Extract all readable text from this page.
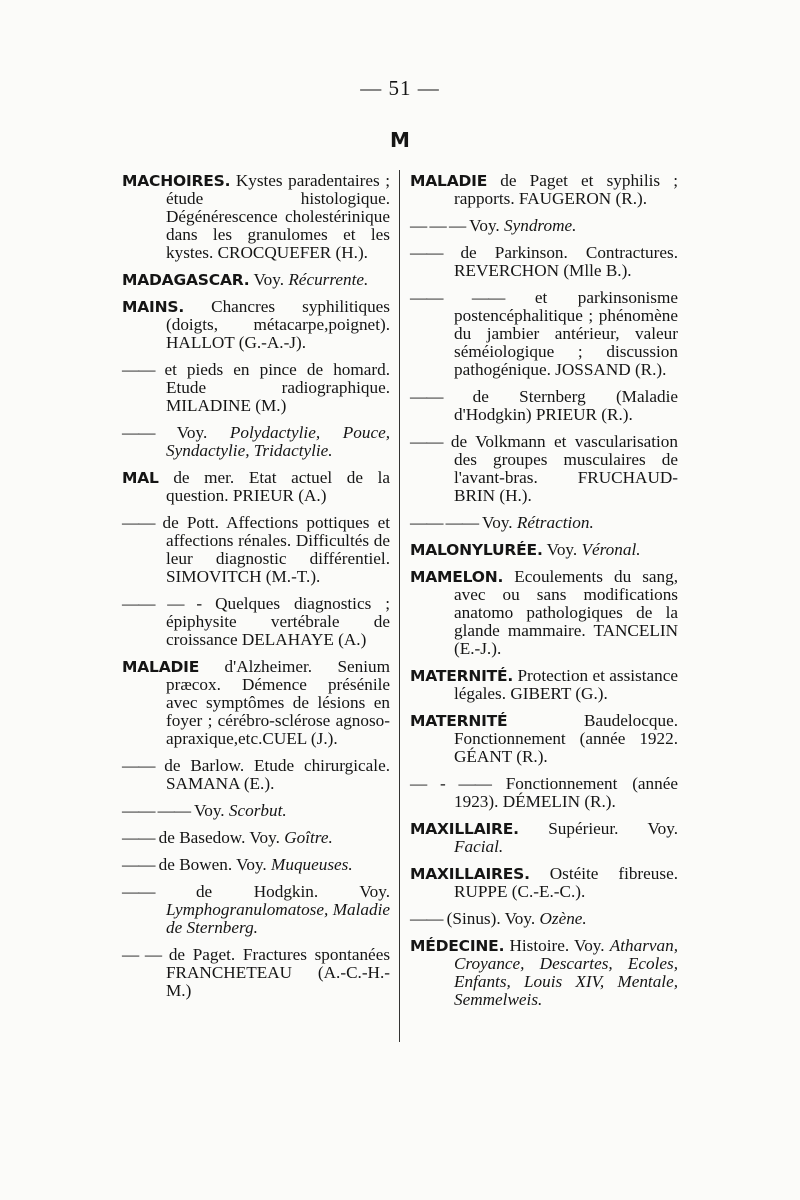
— 51 —
M
MACHOIRES. Kystes paradentaires ; étude histologique. Dégénérescence cholestérinique dans les granulomes et les kystes. CROCQUEFER (H.).
MADAGASCAR. Voy. Récurrente.
MAINS. Chancres syphilitiques (doigts, métacarpe,poignet). HALLOT (G.-A.-J).
—— et pieds en pince de homard. Etude radiographique. MILADINE (M.)
—— Voy. Polydactylie, Pouce, Syndactylie, Tridactylie.
MAL de mer. Etat actuel de la question. PRIEUR (A.)
—— de Pott. Affections pottiques et affections rénales. Difficultés de leur diagnostic différentiel. SIMOVITCH (M.-T.).
—— — - Quelques diagnostics ; épiphysite vertébrale de croissance DELAHAYE (A.)
MALADIE d'Alzheimer. Senium præcox. Démence présénile avec symptômes de lésions en foyer ; cérébro-sclérose agnoso-apraxique,etc.CUEL (J.).
—— de Barlow. Etude chirurgicale. SAMANA (E.).
—— —— Voy. Scorbut.
—— de Basedow. Voy. Goître.
—— de Bowen. Voy. Muqueuses.
—— de Hodgkin. Voy. Lymphogranulomatose, Maladie de Sternberg.
— — de Paget. Fractures spontanées FRANCHETEAU (A.-C.-H.-M.)
MALADIE de Paget et syphilis ; rapports. FAUGERON (R.).
— — — Voy. Syndrome.
—— de Parkinson. Contractures. REVERCHON (Mlle B.).
—— —— et parkinsonisme postencéphalitique ; phénomène du jambier antérieur, valeur séméiologique ; discussion pathogénique. JOSSAND (R.).
—— de Sternberg (Maladie d'Hodgkin) PRIEUR (R.).
—— de Volkmann et vascularisation des groupes musculaires de l'avant-bras. FRUCHAUD-BRIN (H.).
—— —— Voy. Rétraction.
MALONYLURÉE. Voy. Véronal.
MAMELON. Ecoulements du sang, avec ou sans modifications anatomo pathologiques de la glande mammaire. TANCELIN (E.-J.).
MATERNITÉ. Protection et assistance légales. GIBERT (G.).
MATERNITÉ	Baudelocque. Fonctionnement (année 1922. GÉANT (R.).
— - —— Fonctionnement (année 1923). DÉMELIN (R.).
MAXILLAIRE. Supérieur. Voy. Facial.
MAXILLAIRES. Ostéite fibreuse. RUPPE (C.-E.-C.).
—— (Sinus). Voy. Ozène.
MÉDECINE. Histoire. Voy. Atharvan, Croyance, Descartes, Ecoles, Enfants, Louis XIV, Mentale, Semmelweis.
